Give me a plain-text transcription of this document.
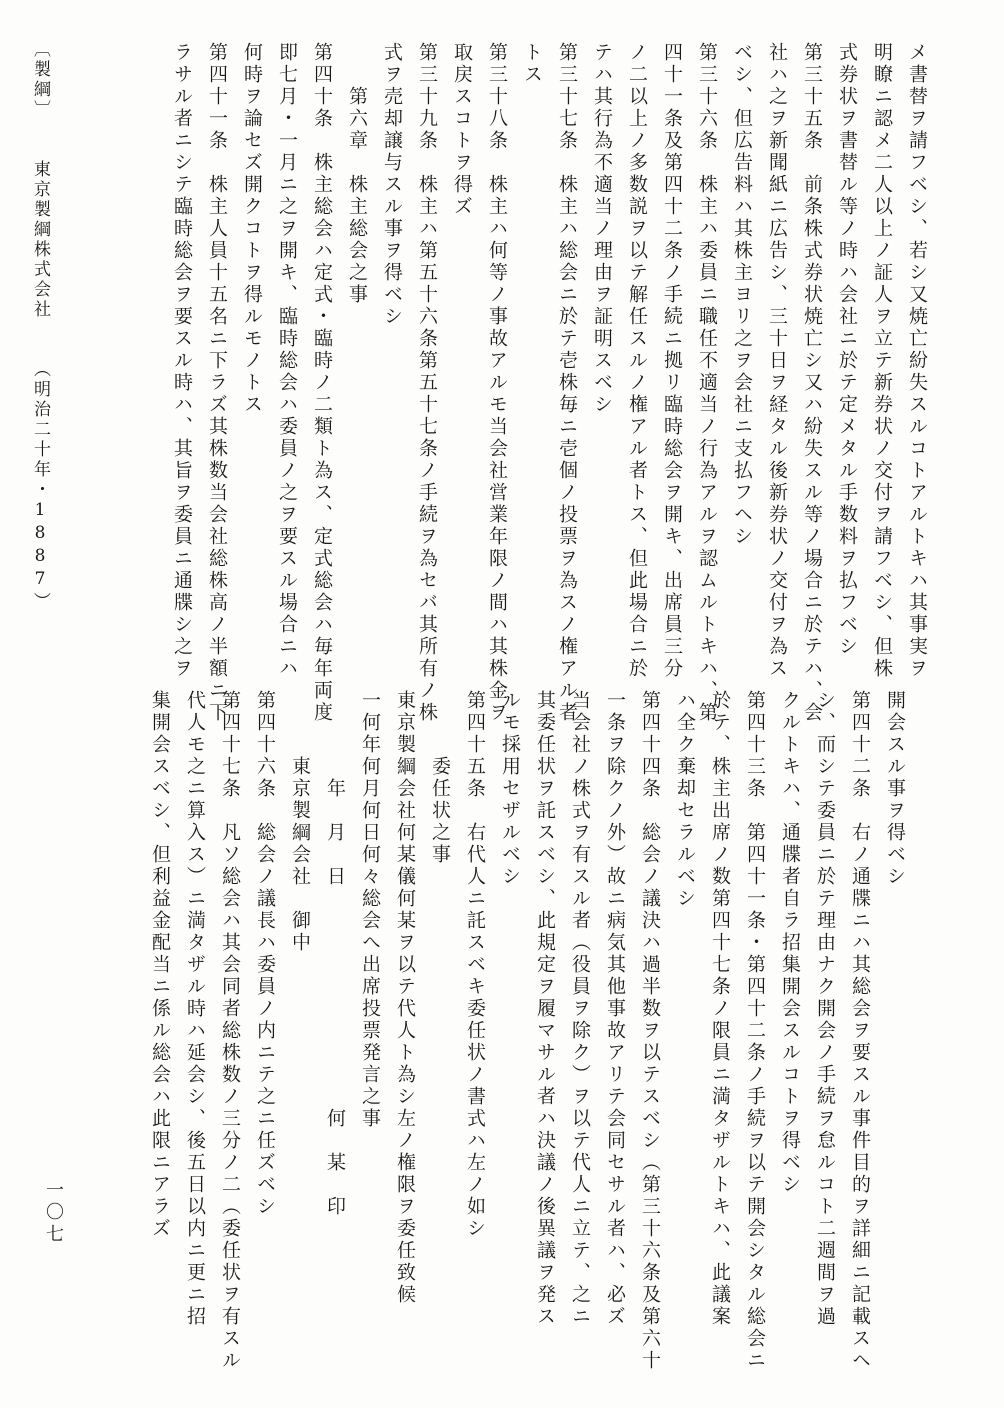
メ書替ヲ請フベシ、若シ又焼亡紛失スルコトアルトキハ其事実ヲ
明瞭ニ認メ二人以上ノ証人ヲ立テ新券状ノ交付ヲ請フベシ、但株
式券状ヲ書替ル等ノ時ハ会社ニ於テ定メタル手数料ヲ払フベシ
第三十五条　前条株式券状焼亡シ又ハ紛失スル等ノ場合ニ於テハ、会
社ハ之ヲ新聞紙ニ広告シ、三十日ヲ経タル後新券状ノ交付ヲ為ス
ベシ、但広告料ハ其株主ヨリ之ヲ会社ニ支払フヘシ
第三十六条　株主ハ委員ニ職任不適当ノ行為アルヲ認ムルトキハ、第
四十一条及第四十二条ノ手続ニ拠リ臨時総会ヲ開キ、出席員三分
ノ二以上ノ多数説ヲ以テ解任スルノ権アル者トス、但此場合ニ於
テハ其行為不適当ノ理由ヲ証明スベシ
第三十七条　株主ハ総会ニ於テ壱株毎ニ壱個ノ投票ヲ為スノ権アル者
トス
第三十八条　株主ハ何等ノ事故アルモ当会社営業年限ノ間ハ其株金ヲ
取戻スコトヲ得ズ
第三十九条　株主ハ第五十六条第五十七条ノ手続ヲ為セバ其所有ノ株
式ヲ売却譲与スル事ヲ得ベシ
第六章　株主総会之事
第四十条　株主総会ハ定式・臨時ノ二類ト為ス、定式総会ハ毎年両度
即七月・一月ニ之ヲ開キ、臨時総会ハ委員ノ之ヲ要スル場合ニハ
何時ヲ論セズ開クコトヲ得ルモノトス
第四十一条　株主人員十五名ニ下ラズ其株数当会社総株高ノ半額ニ下
ラサル者ニシテ臨時総会ヲ要スル時ハ、其旨ヲ委員ニ通牒シ之ヲ
開会スル事ヲ得ベシ
第四十二条　右ノ通牒ニハ其総会ヲ要スル事件目的ヲ詳細ニ記載スヘ
シ、而シテ委員ニ於テ理由ナク開会ノ手続ヲ怠ルコト二週間ヲ過
クルトキハ、通牒者自ラ招集開会スルコトヲ得ベシ
第四十三条　第四十一条・第四十二条ノ手続ヲ以テ開会シタル総会ニ
於テ、株主出席ノ数第四十七条ノ限員ニ満タザルトキハ、此議案
ハ全ク棄却セラルベシ
第四十四条　総会ノ議決ハ過半数ヲ以テスベシ（第三十六条及第六十
一条ヲ除クノ外）故ニ病気其他事故アリテ会同セサル者ハ、必ズ
当会社ノ株式ヲ有スル者（役員ヲ除ク）ヲ以テ代人ニ立テ、之ニ
其委任状ヲ託スベシ、此規定ヲ履マサル者ハ決議ノ後異議ヲ発ス
ルモ採用セザルベシ
第四十五条　右代人ニ託スベキ委任状ノ書式ハ左ノ如シ
委任状之事
東京製綱会社何某儀何某ヲ以テ代人ト為シ左ノ権限ヲ委任致候
一何年何月何日何々総会へ出席投票発言之事
年　月　日　　　　　　　　　　何　某　印
東京製綱会社　御中
第四十六条　総会ノ議長ハ委員ノ内ニテ之ニ任ズベシ
第四十七条　凡ソ総会ハ其会同者総株数ノ三分ノ二（委任状ヲ有スル
代人モ之ニ算入ス）ニ満タザル時ハ延会シ、後五日以内ニ更ニ招
集開会スベシ、但利益金配当ニ係ル総会ハ此限ニアラズ
〔製綱〕東京製綱株式会社（明治二十年・1887）
一〇七
